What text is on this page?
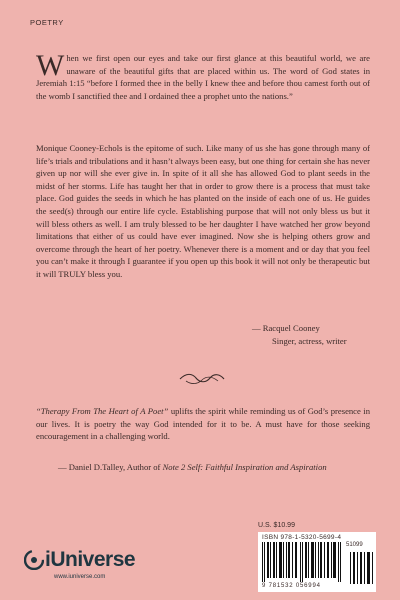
POETRY
When we first open our eyes and take our first glance at this beautiful world, we are unaware of the beautiful gifts that are placed within us. The word of God states in Jeremiah 1:15 “before I formed thee in the belly I knew thee and before thou camest forth out of the womb I sanctified thee and I ordained thee a prophet unto the nations.”
Monique Cooney-Echols is the epitome of such. Like many of us she has gone through many of life’s trials and tribulations and it hasn’t always been easy, but one thing for certain she has never given up nor will she ever give in. In spite of it all she has allowed God to plant seeds in the midst of her storms. Life has taught her that in order to grow there is a process that must take place. God guides the seeds in which he has planted on the inside of each one of us. He guides the seed(s) through our entire life cycle. Establishing purpose that will not only bless us but it will bless others as well. I am truly blessed to be her daughter I have watched her grow beyond limitations that either of us could have ever imagined. Now she is helping others grow and overcome through the heart of her poetry. Whenever there is a moment and or day that you feel you can’t make it through I guarantee if you open up this book it will not only be therapeutic but it will TRULY bless you.
— Racquel Cooney
Singer, actress, writer
“Therapy From The Heart of A Poet” uplifts the spirit while reminding us of God’s presence in our lives. It is poetry the way God intended for it to be. A must have for those seeking encouragement in a challenging world.
— Daniel D.Talley, Author of Note 2 Self: Faithful Inspiration and Aspiration
U.S. $10.99
ISBN 978-1-5320-5699-4
51099
9 781532 056994
iUniverse
www.iuniverse.com
